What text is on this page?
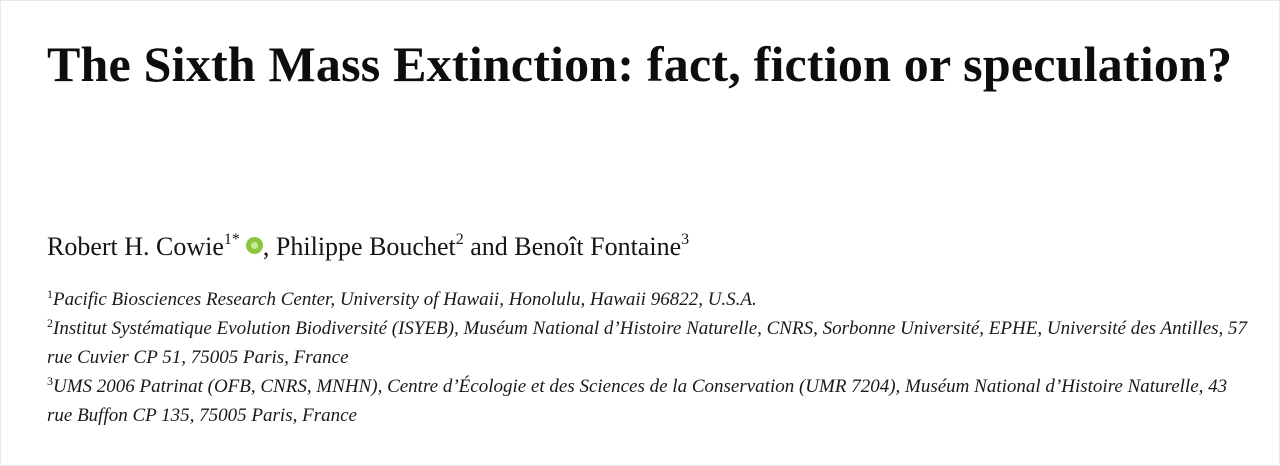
The Sixth Mass Extinction: fact, fiction or speculation?

Robert H. Cowie$^{1*}$ , Philippe Bouchet$^2$ and Benoît Fontaine$^3$

$^1$Pacific Biosciences Research Center, University of Hawaii, Honolulu, Hawaii 96822, U.S.A.

$^2$Institut Systématique Evolution Biodiversité (ISYEB), Muséum National d’Histoire Naturelle, CNRS, Sorbonne Université, EPHE, Université des Antilles, 57 rue Cuvier CP 51, 75005 Paris, France

$^3$UMS 2006 Patrinat (OFB, CNRS, MNHN), Centre d’Écologie et des Sciences de la Conservation (UMR 7204), Muséum National d’Histoire Naturelle, 43 rue Buffon CP 135, 75005 Paris, France
